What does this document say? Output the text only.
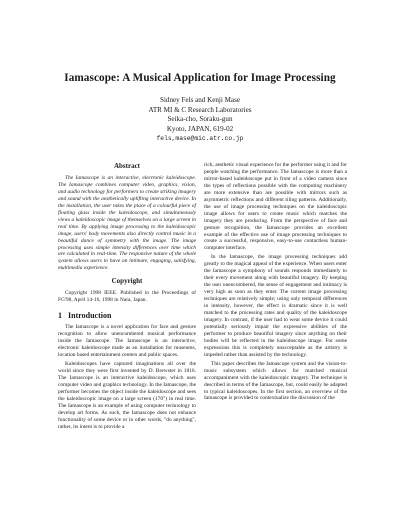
Iamascope: A Musical Application for Image Processing
Sidney Fels and Kenji Mase
ATR MI & C Research Laboratories
Seika-cho, Soraku-gun
Kyoto, JAPAN, 619-02
fels,mase@mic.atr.co.jp
Abstract

The Iamascope is an interactive, electronic kaleidoscope. The Iamascope combines computer video, graphics, vision, and audio technology for performers to create striking imagery and sound with the aesthetically uplifting interactive device. In the installation, the user takes the place of a colourful piece of floating glass inside the kaleidoscope, and simultaneously views a kaleidoscopic image of themselves on a large screen in real time. By applying image processing to the kaleidoscopic image, users' body movements also directly control music in a beautiful dance of symmetry with the image. The image processing uses simple intensity differences over time which are calculated in real-time. The responsive nature of the whole system allows users to have an intimate, engaging, satisfying, multimedia experience.

Copyright

Copyright 1998 IEEE. Published in the Proceedings of FG'98, April 14-16, 1998 in Nara, Japan.

1 Introduction

The Iamascope is a novel application for face and gesture recognition to allow unencumbered musical performance inside the Iamascope. The Iamascope is an interactive, electronic kaleidoscope made as an installation for museums, location based entertainment centers and public spaces.

Kaleidoscopes have captured imaginations all over the world since they were first invented by D. Brewster in 1816. The Iamascope is an interactive kaleidoscope, which uses computer video and graphics technology. In the Iamascope, the performer becomes the object inside the kaleidoscope and sees the kaleidoscopic image on a large screen (170") in real time. The Iamascope is an example of using computer technology to develop art forms. As such, the Iamascope does not enhance functionality of some device or in other words, "do anything", rather, its intent is to provide a

rich, aesthetic visual experience for the performer using it and for people watching the performance. The Iamascope is more than a mirror-based kaleidoscope put in front of a video camera since the types of reflections possible with the computing machinery are more extensive than are possible with mirrors such as asymmetric reflections and different tiling patterns. Additionally, the use of image processing techniques on the kaleidoscopic image allows for users to create music which matches the imagery they are producing. From the perspective of face and gesture recognition, the Iamascope provides an excellent example of the effective use of image processing techniques to create a successful, responsive, easy-to-use contactless human-computer interface.

In the Iamascope, the image processing techniques add greatly to the magical appeal of the experience. When users enter the Iamascope a symphony of sounds responds immediately to their every movement along with beautiful imagery. By keeping the user unencumbered, the sense of engagement and intimacy is very high as soon as they enter. The current image processing techniques are relatively simple; using only temporal differences in intensity, however, the effect is dramatic since it is well matched to the processing rates and quality of the kaleidoscope imagery. In contrast, if the user had to wear some device it could potentially seriously impair the expressive abilities of the performer to produce beautiful imagery since anything on their bodies will be reflected in the kaleidoscope image. For some expressions this is completely unacceptable as the artistry is impeded rather than assisted by the technology.

This paper describes the Iamascope system and the vision-to-music subsystem which allows for matched musical accompaniment with the kaleidoscopic imagery. The technique is described in terms of the Iamascope, but, could easily be adapted to typical kaleidoscopes. In the first section, an overview of the Iamascope is provided to contextualize the discussion of the
